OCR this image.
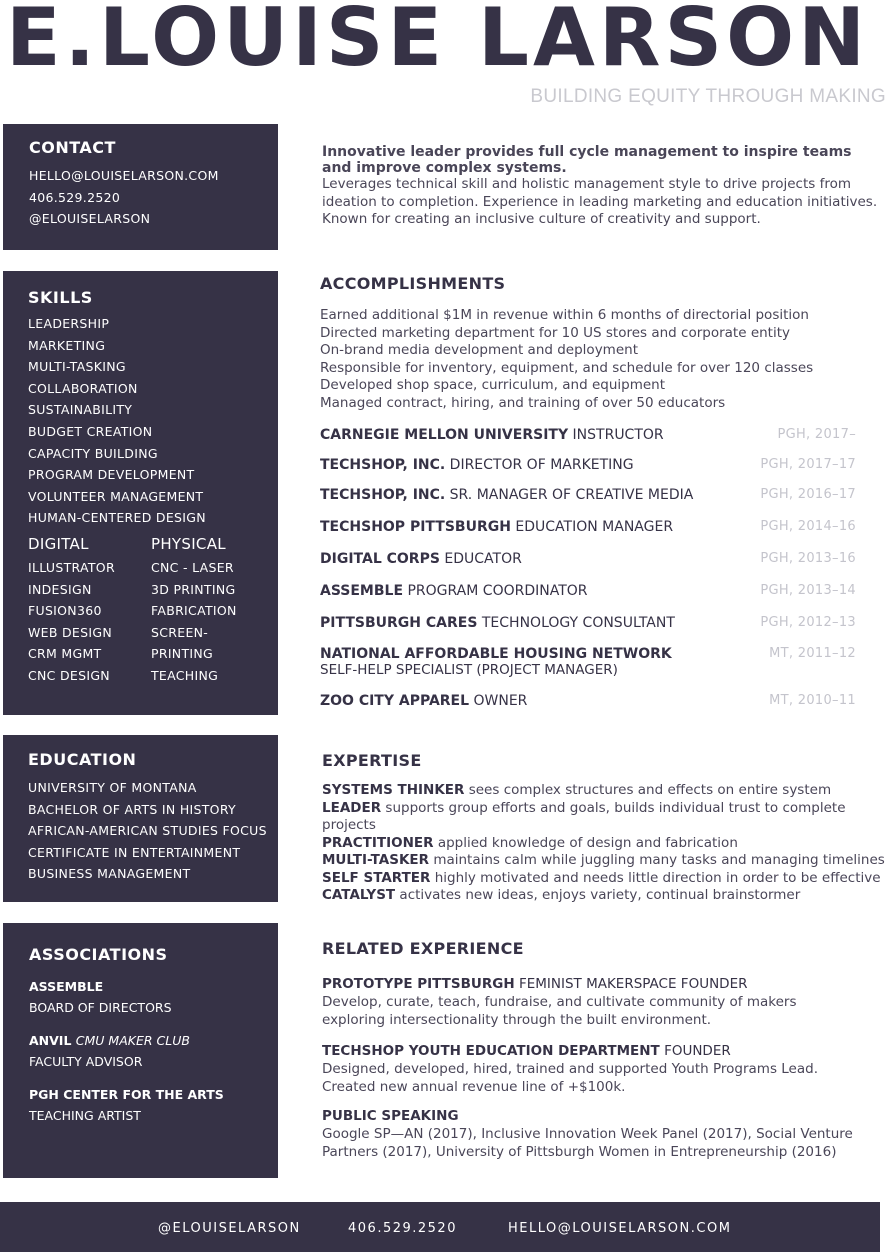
E.LOUISE LARSON
BUILDING EQUITY THROUGH MAKING
CONTACT
HELLO@LOUISELARSON.COM
406.529.2520
@ELOUISELARSON
SKILLS
LEADERSHIP
MARKETING
MULTI-TASKING
COLLABORATION
SUSTAINABILITY
BUDGET CREATION
CAPACITY BUILDING
PROGRAM DEVELOPMENT
VOLUNTEER MANAGEMENT
HUMAN-CENTERED DESIGN
DIGITAL
ILLUSTRATOR
INDESIGN
FUSION360
WEB DESIGN
CRM MGMT
CNC DESIGN
PHYSICAL
CNC - LASER
3D PRINTING
FABRICATION
SCREEN-
PRINTING
TEACHING
EDUCATION
UNIVERSITY OF MONTANA
BACHELOR OF ARTS IN HISTORY
AFRICAN-AMERICAN STUDIES FOCUS
CERTIFICATE IN ENTERTAINMENT
BUSINESS MANAGEMENT
ASSOCIATIONS
ASSEMBLE
BOARD OF DIRECTORS
ANVIL CMU MAKER CLUB
FACULTY ADVISOR
PGH CENTER FOR THE ARTS
TEACHING ARTIST
Innovative leader provides full cycle management to inspire teams and improve complex systems.
Leverages technical skill and holistic management style to drive projects from
ideation to completion. Experience in leading marketing and education initiatives.
Known for creating an inclusive culture of creativity and support.
ACCOMPLISHMENTS
Earned additional $1M in revenue within 6 months of directorial position
Directed marketing department for 10 US stores and corporate entity
On-brand media development and deployment
Responsible for inventory, equipment, and schedule for over 120 classes
Developed shop space, curriculum, and equipment
Managed contract, hiring, and training of over 50 educators
CARNEGIE MELLON UNIVERSITY INSTRUCTOR	PGH, 2017–
TECHSHOP, INC. DIRECTOR OF MARKETING	PGH, 2017–17
TECHSHOP, INC. SR. MANAGER OF CREATIVE MEDIA	PGH, 2016–17
TECHSHOP PITTSBURGH EDUCATION MANAGER	PGH, 2014–16
DIGITAL CORPS EDUCATOR	PGH, 2013–16
ASSEMBLE PROGRAM COORDINATOR	PGH, 2013–14
PITTSBURGH CARES TECHNOLOGY CONSULTANT	PGH, 2012–13
NATIONAL AFFORDABLE HOUSING NETWORK	MT, 2011–12
SELF-HELP SPECIALIST (PROJECT MANAGER)
ZOO CITY APPAREL OWNER	MT, 2010–11
EXPERTISE
SYSTEMS THINKER sees complex structures and effects on entire system
LEADER supports group efforts and goals, builds individual trust to complete projects
PRACTITIONER applied knowledge of design and fabrication
MULTI-TASKER maintains calm while juggling many tasks and managing timelines
SELF STARTER highly motivated and needs little direction in order to be effective
CATALYST activates new ideas, enjoys variety, continual brainstormer
RELATED EXPERIENCE
PROTOTYPE PITTSBURGH FEMINIST MAKERSPACE FOUNDER
Develop, curate, teach, fundraise, and cultivate community of makers
exploring intersectionality through the built environment.
TECHSHOP YOUTH EDUCATION DEPARTMENT FOUNDER
Designed, developed, hired, trained and supported Youth Programs Lead.
Created new annual revenue line of +$100k.
PUBLIC SPEAKING
Google SP—AN (2017), Inclusive Innovation Week Panel (2017), Social Venture
Partners (2017), University of Pittsburgh Women in Entrepreneurship (2016)
@ELOUISELARSON	406.529.2520	HELLO@LOUISELARSON.COM
